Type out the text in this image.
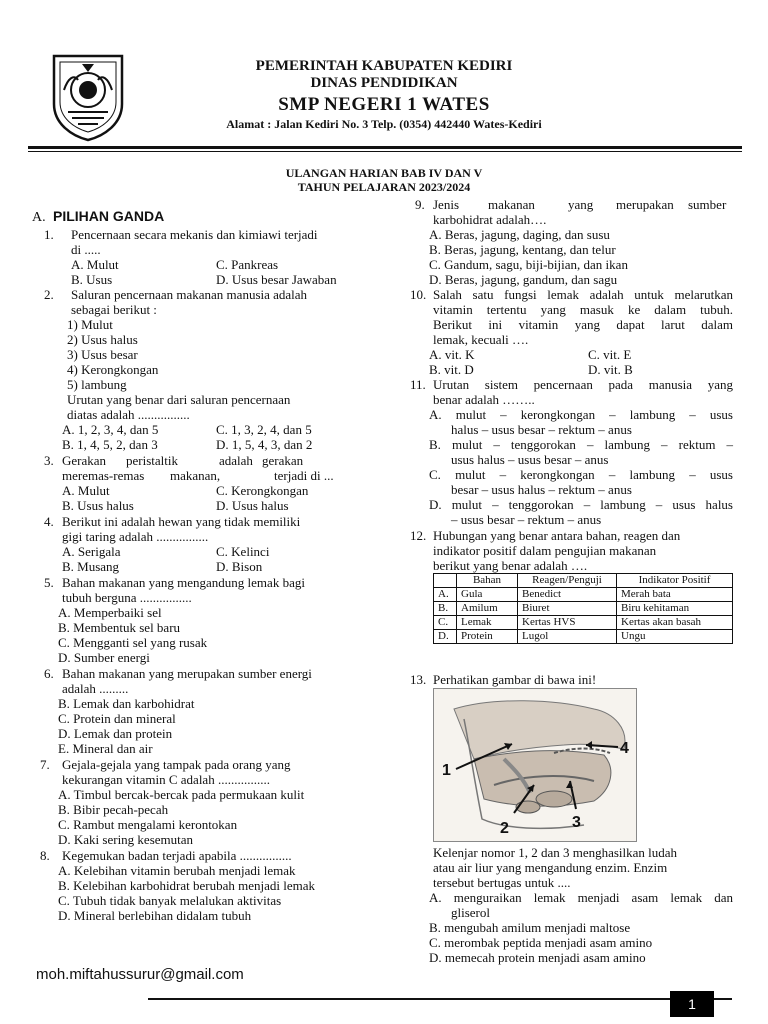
PEMERINTAH KABUPATEN KEDIRI
DINAS PENDIDIKAN
SMP NEGERI 1 WATES
Alamat : Jalan Kediri No. 3 Telp. (0354) 442440 Wates-Kediri
ULANGAN HARIAN BAB IV DAN V
TAHUN PELAJARAN 2023/2024
A. PILIHAN GANDA
1. Pencernaan secara mekanis dan kimiawi terjadi
di .....
A. Mulut	C. Pankreas
B. Usus	D. Usus besar Jawaban
2. Saluran pencernaan makanan manusia adalah
sebagai berikut :
1) Mulut
2) Usus halus
3) Usus besar
4) Kerongkongan
5) lambung
Urutan yang benar dari saluran pencernaan
diatas adalah ................
A. 1, 2, 3, 4, dan 5	C. 1, 3, 2, 4, dan 5
B. 1, 4, 5, 2, dan 3	D. 1, 5, 4, 3, dan 2
3. Gerakan peristaltik	adalah gerakan
meremas-remas makanan,	terjadi di ...
A. Mulut	C. Kerongkongan
B. Usus halus	D. Usus halus
4. Berikut ini adalah hewan yang tidak memiliki
gigi taring adalah ................
A. Serigala	C. Kelinci
B. Musang	D. Bison
5. Bahan makanan yang mengandung lemak bagi
tubuh berguna ................
A. Memperbaiki sel
B. Membentuk sel baru
C. Mengganti sel yang rusak
D. Sumber energi
6. Bahan makanan yang merupakan sumber energi
adalah .........
B. Lemak dan karbohidrat
C. Protein dan mineral
D. Lemak dan protein
E. Mineral dan air
7. Gejala-gejala yang tampak pada orang yang
kekurangan vitamin C adalah ................
A. Timbul bercak-bercak pada permukaan kulit
B. Bibir pecah-pecah
C. Rambut mengalami kerontokan
D. Kaki sering kesemutan
8. Kegemukan badan terjadi apabila ................
A. Kelebihan vitamin berubah menjadi lemak
B. Kelebihan karbohidrat berubah menjadi lemak
C. Tubuh tidak banyak melalukan aktivitas
D. Mineral berlebihan didalam tubuh
9. Jenis makanan	yang merupakan sumber
karbohidrat adalah….
A. Beras, jagung, daging, dan susu
B. Beras, jagung, kentang, dan telur
C. Gandum, sagu, biji-bijian, dan ikan
D. Beras, jagung, gandum, dan sagu
10. Salah satu fungsi lemak adalah untuk melarutkan
vitamin tertentu yang masuk ke dalam tubuh.
Berikut ini vitamin yang dapat larut dalam
lemak, kecuali ….
A. vit. K	C. vit. E
B. vit. D	D. vit. B
11. Urutan sistem pencernaan pada manusia yang
benar adalah ……..
A. mulut – kerongkongan – lambung – usus
halus – usus besar – rektum – anus
B. mulut – tenggorokan – lambung – rektum –
usus halus – usus besar – anus
C. mulut – kerongkongan – lambung – usus
besar – usus halus – rektum – anus
D. mulut – tenggorokan – lambung – usus halus
– usus besar – rektum – anus
12. Hubungan yang benar antara bahan, reagen dan
indikator positif dalam pengujian makanan
berikut yang benar adalah ….
	Bahan	Reagen/Penguji	Indikator Positif
A.	Gula	Benedict	Merah bata
B.	Amilum	Biuret	Biru kehitaman
C.	Lemak	Kertas HVS	Kertas akan basah
D.	Protein	Lugol	Ungu
13. Perhatikan gambar di bawa ini!
1
2	3
4
Kelenjar nomor 1, 2 dan 3 menghasilkan ludah
atau air liur yang mengandung enzim. Enzim
tersebut bertugas untuk ....
A. menguraikan lemak menjadi asam lemak dan
gliserol
B. mengubah amilum menjadi maltose
C. merombak peptida menjadi asam amino
D. memecah protein menjadi asam amino
moh.miftahussurur@gmail.com
1
